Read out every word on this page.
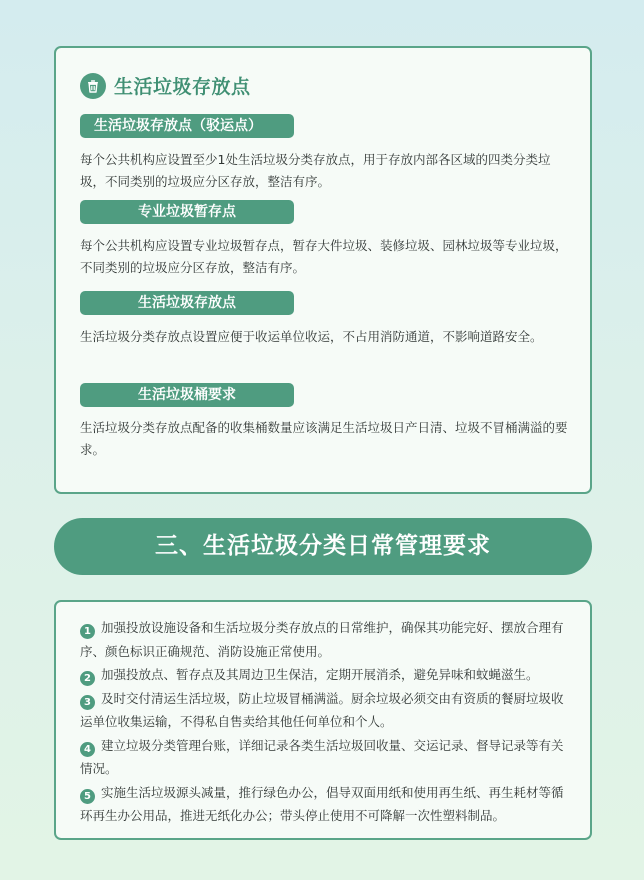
生活垃圾存放点
生活垃圾存放点（驳运点）
每个公共机构应设置至少1处生活垃圾分类存放点，用于存放内部各区域的四类分类垃圾，不同类别的垃圾应分区存放，整洁有序。
专业垃圾暂存点
每个公共机构应设置专业垃圾暂存点，暂存大件垃圾、装修垃圾、园林垃圾等专业垃圾，不同类别的垃圾应分区存放，整洁有序。
生活垃圾存放点
生活垃圾分类存放点设置应便于收运单位收运，不占用消防通道，不影响道路安全。
生活垃圾桶要求
生活垃圾分类存放点配备的收集桶数量应该满足生活垃圾日产日清、垃圾不冒桶满溢的要求。
三、生活垃圾分类日常管理要求
1 加强投放设施设备和生活垃圾分类存放点的日常维护，确保其功能完好、摆放合理有序、颜色标识正确规范、消防设施正常使用。
2 加强投放点、暂存点及其周边卫生保洁，定期开展消杀，避免异味和蚊蝇滋生。
3 及时交付清运生活垃圾，防止垃圾冒桶满溢。厨余垃圾必须交由有资质的餐厨垃圾收运单位收集运输，不得私自售卖给其他任何单位和个人。
4 建立垃圾分类管理台账，详细记录各类生活垃圾回收量、交运记录、督导记录等有关情况。
5 实施生活垃圾源头减量，推行绿色办公，倡导双面用纸和使用再生纸、再生耗材等循环再生办公用品，推进无纸化办公；带头停止使用不可降解一次性塑料制品。
